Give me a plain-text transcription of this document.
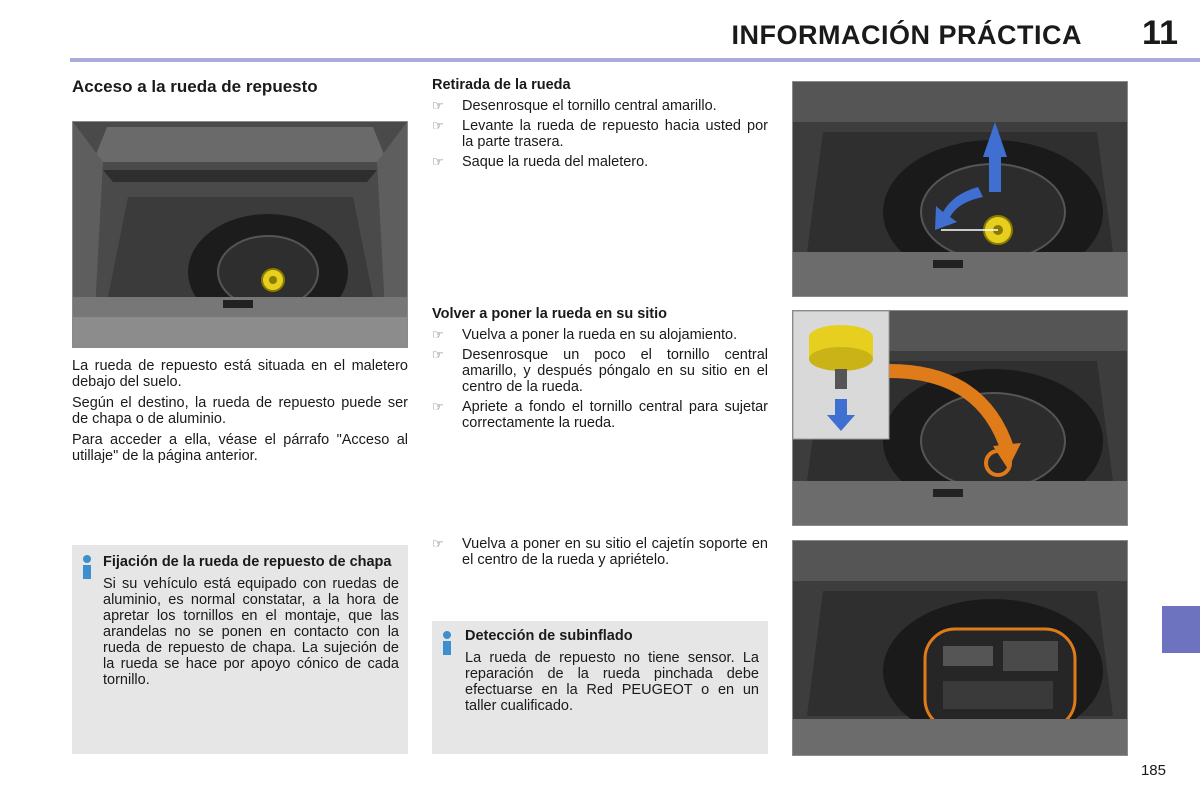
INFORMACIÓN PRÁCTICA 11
Acceso a la rueda de repuesto

La rueda de repuesto está situada en el maletero debajo del suelo.

Según el destino, la rueda de repuesto puede ser de chapa o de aluminio.

Para acceder a ella, véase el párrafo "Acceso al utillaje" de la página anterior.

Fijación de la rueda de repuesto de chapa
Si su vehículo está equipado con ruedas de aluminio, es normal constatar, a la hora de apretar los tornillos en el montaje, que las arandelas no se ponen en contacto con la rueda de repuesto de chapa. La sujeción de la rueda se hace por apoyo cónico de cada tornillo.
Retirada de la rueda
☞ Desenrosque el tornillo central amarillo.
☞ Levante la rueda de repuesto hacia usted por la parte trasera.
☞ Saque la rueda del maletero.
Volver a poner la rueda en su sitio
☞ Vuelva a poner la rueda en su alojamiento.
☞ Desenrosque un poco el tornillo central amarillo, y después póngalo en su sitio en el centro de la rueda.
☞ Apriete a fondo el tornillo central para sujetar correctamente la rueda.
☞ Vuelva a poner en su sitio el cajetín soporte en el centro de la rueda y apriételo.
Detección de subinflado
La rueda de repuesto no tiene sensor. La reparación de la rueda pinchada debe efectuarse en la Red PEUGEOT o en un taller cualificado.
185
